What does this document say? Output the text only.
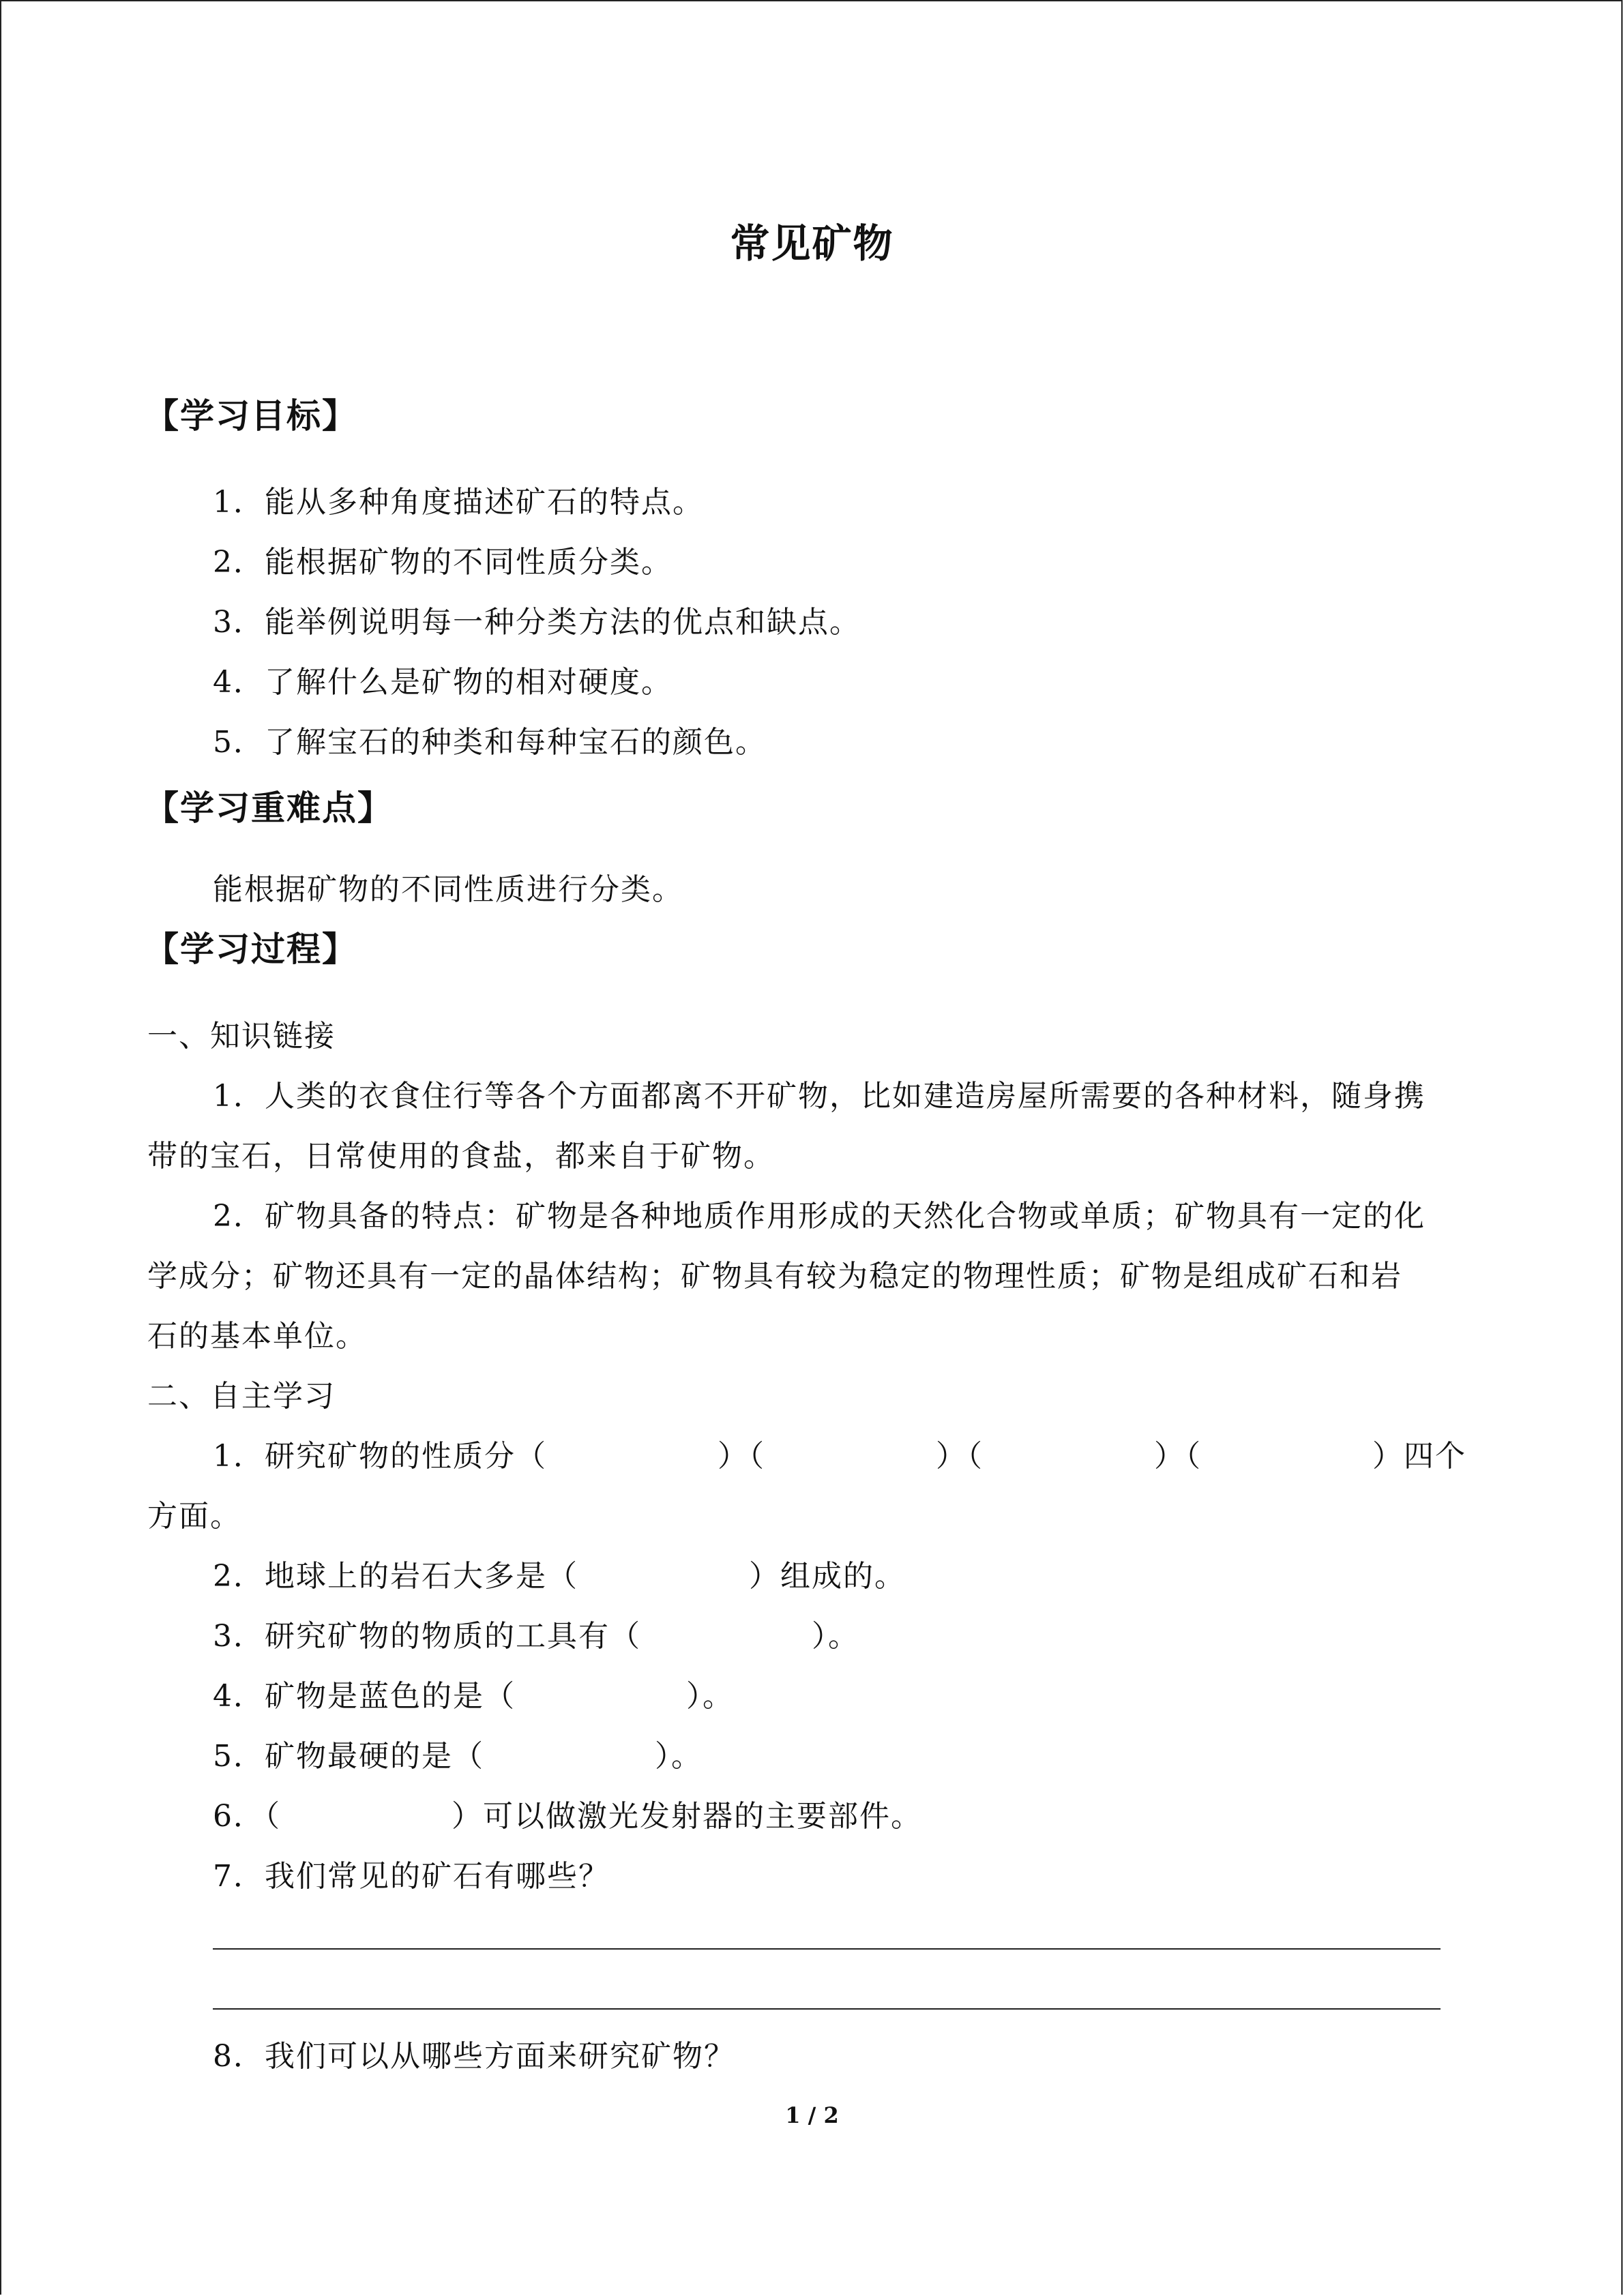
常见矿物
【学习目标】
1．能从多种角度描述矿石的特点。
2．能根据矿物的不同性质分类。
3．能举例说明每一种分类方法的优点和缺点。
4．了解什么是矿物的相对硬度。
5．了解宝石的种类和每种宝石的颜色。
【学习重难点】
能根据矿物的不同性质进行分类。
【学习过程】
一、知识链接
1．人类的衣食住行等各个方面都离不开矿物，比如建造房屋所需要的各种材料，随身携
带的宝石，日常使用的食盐，都来自于矿物。
2．矿物具备的特点：矿物是各种地质作用形成的天然化合物或单质；矿物具有一定的化
学成分；矿物还具有一定的晶体结构；矿物具有较为稳定的物理性质；矿物是组成矿石和岩
石的基本单位。
二、自主学习
1．研究矿物的性质分（	）（	）（	）（	）四个
方面。
2．地球上的岩石大多是（	）组成的。
3．研究矿物的物质的工具有（	）。
4．矿物是蓝色的是（	）。
5．矿物最硬的是（	）。
6．（	）可以做激光发射器的主要部件。
7．我们常见的矿石有哪些？
8．我们可以从哪些方面来研究矿物？
1 / 2
